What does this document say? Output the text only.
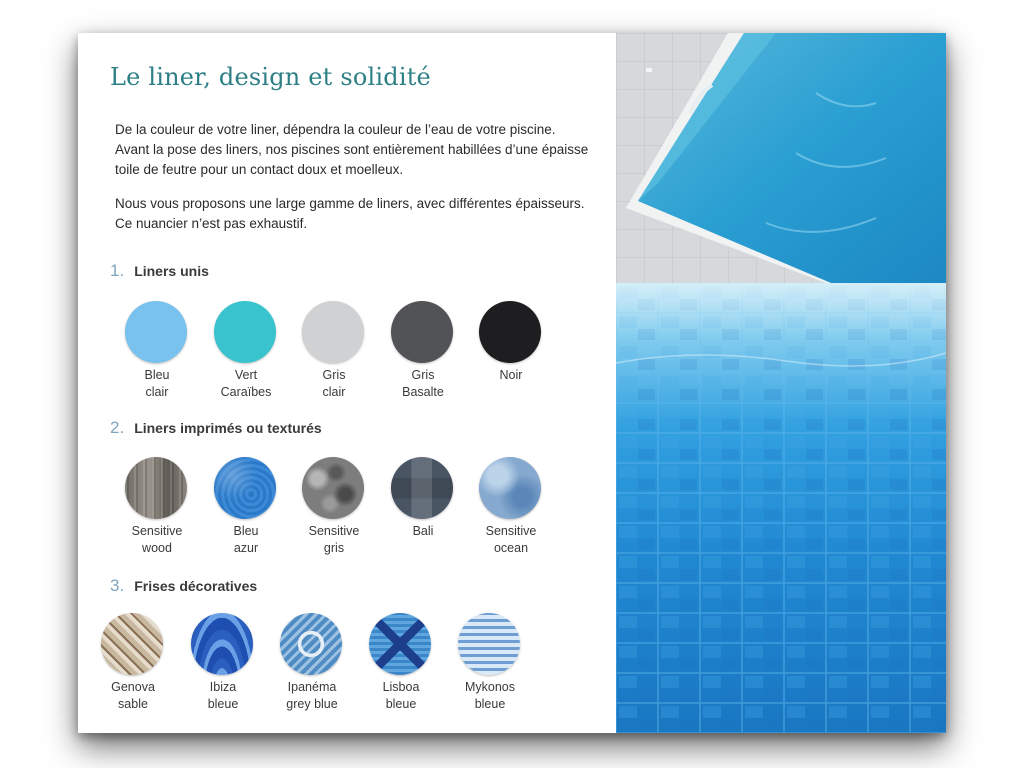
Le liner, design et solidité

De la couleur de votre liner, dépendra la couleur de l’eau de votre piscine. Avant la pose des liners, nos piscines sont entièrement habillées d’une épaisse toile de feutre pour un contact doux et moelleux.

Nous vous proposons une large gamme de liners, avec différentes épaisseurs. Ce nuancier n’est pas exhaustif.

1. Liners unis
Bleu
clair
Vert
Caraïbes
Gris
clair
Gris
Basalte
Noir
2. Liners imprimés ou texturés
Sensitive
wood
Bleu
azur
Sensitive
gris
Bali	Sensitive
ocean
3. Frises décoratives
Genova
sable
Ibiza
bleue
Ipanéma
grey blue
Lisboa
bleue
Mykonos
bleue
